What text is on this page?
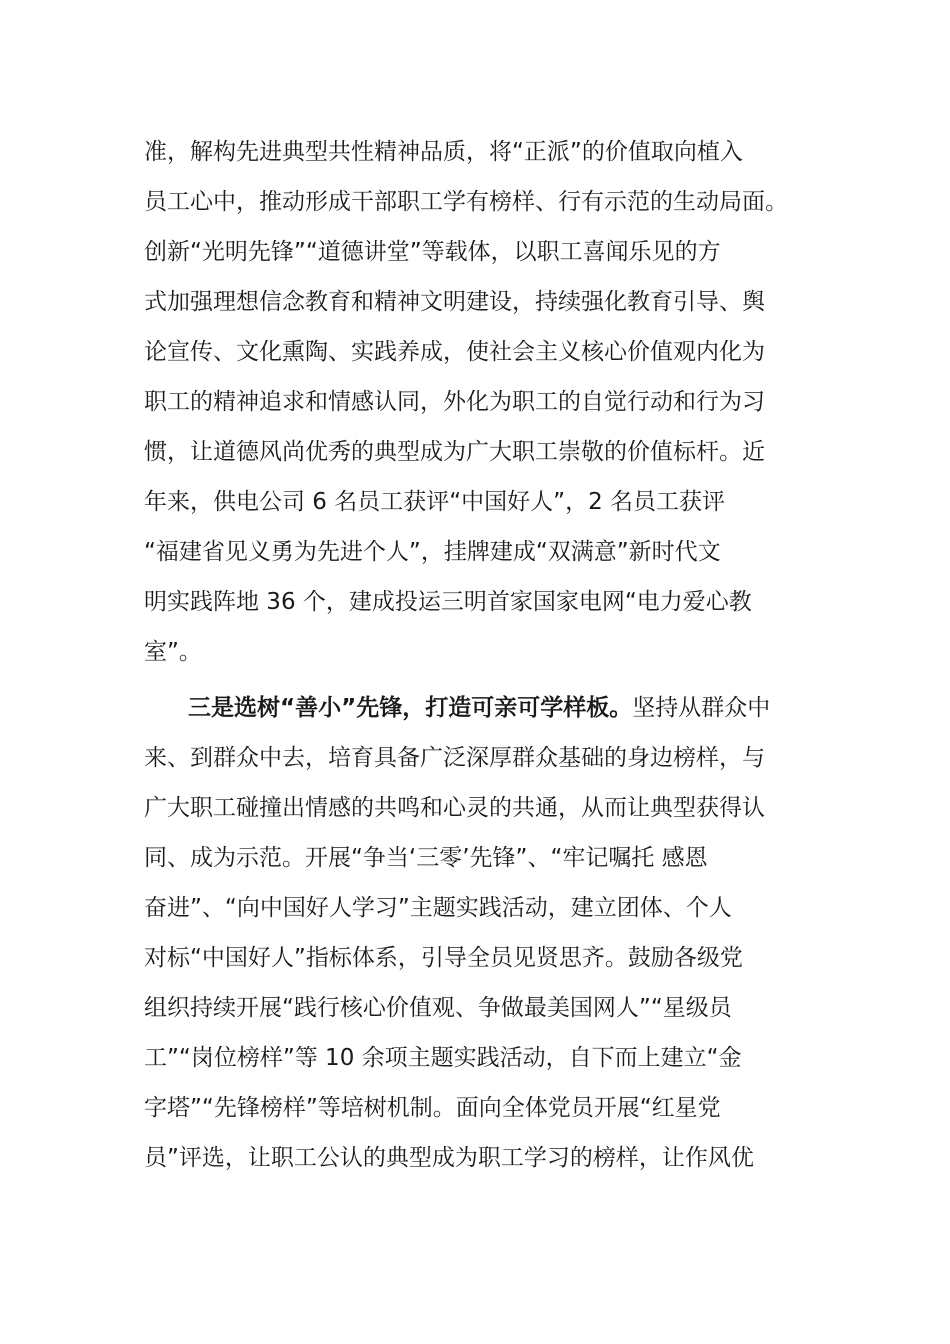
准，解构先进典型共性精神品质，将“正派”的价值取向植入
员工心中，推动形成干部职工学有榜样、行有示范的生动局面。
创新“光明先锋”“道德讲堂”等载体，以职工喜闻乐见的方
式加强理想信念教育和精神文明建设，持续强化教育引导、舆
论宣传、文化熏陶、实践养成，使社会主义核心价值观内化为
职工的精神追求和情感认同，外化为职工的自觉行动和行为习
惯，让道德风尚优秀的典型成为广大职工崇敬的价值标杆。近
年来，供电公司 6 名员工获评“中国好人”，2 名员工获评
“福建省见义勇为先进个人”，挂牌建成“双满意”新时代文
明实践阵地 36 个，建成投运三明首家国家电网“电力爱心教
室”。
三是选树“善小”先锋，打造可亲可学样板。坚持从群众中
来、到群众中去，培育具备广泛深厚群众基础的身边榜样，与
广大职工碰撞出情感的共鸣和心灵的共通，从而让典型获得认
同、成为示范。开展“争当‘三零’先锋”、“牢记嘱托 感恩
奋进”、“向中国好人学习”主题实践活动，建立团体、个人
对标“中国好人”指标体系，引导全员见贤思齐。鼓励各级党
组织持续开展“践行核心价值观、争做最美国网人”“星级员
工”“岗位榜样”等 10 余项主题实践活动，自下而上建立“金
字塔”“先锋榜样”等培树机制。面向全体党员开展“红星党
员”评选，让职工公认的典型成为职工学习的榜样，让作风优
